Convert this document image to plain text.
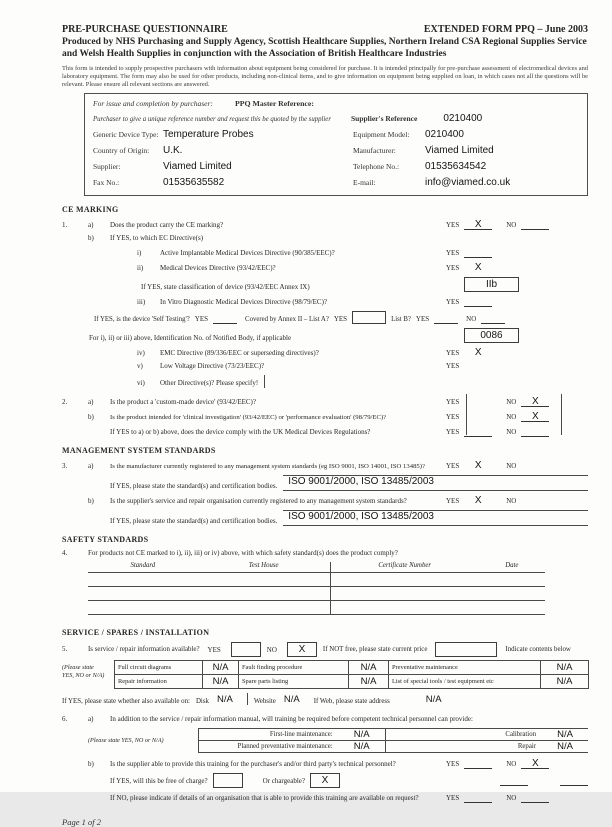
PRE-PURCHASE QUESTIONNAIRE	EXTENDED FORM PPQ – June 2003
Produced by NHS Purchasing and Supply Agency, Scottish Healthcare Supplies, Northern Ireland CSA Regional Supplies Service and Welsh Health Supplies in conjunction with the Association of British Healthcare Industries

This form is intended to supply prospective purchasers with information about equipment being considered for purchase. It is intended principally for pre-purchase assessment of electromedical devices and laboratory equipment. The form may also be used for other products, including non-clinical items, and to give information on equipment being supplied on loan, in which cases not all the questions will be relevant. Please ensure all relevant sections are answered.

For issue and completion by purchaser:	PPQ Master Reference:
Purchaser to give a unique reference number and request this be quoted by the supplier	Supplier's Reference	0210400
Generic Device Type: Temperature Probes	Equipment Model:	0210400
Country of Origin:	U.K.	Manufacturer:	Viamed Limited
Supplier:	Viamed Limited	Telephone No.:	01535634542
Fax No.:	01535635582	E-mail:	info@viamed.co.uk
CE MARKING
1.	a)	Does the product carry the CE marking?	YES	X	NO
b)	If YES, to which EC Directive(s)
i)	Active Implantable Medical Devices Directive (90/385/EEC)?	YES
ii)	Medical Devices Directive (93/42/EEC)?	YES	X
If YES, state classification of device (93/42/EEC Annex IX)	IIb
iii)	In Vitro Diagnostic Medical Devices Directive (98/79/EC)?	YES
If YES, is the device 'Self Testing'? YES	Covered by Annex II – List A? YES	List B? YES	NO
For i), ii) or iii) above, Identification No. of Notified Body, if applicable	0086
iv)	EMC Directive (89/336/EEC or superseding directives)?	YES	X
v)	Low Voltage Directive (73/23/EEC)?	YES
vi)	Other Directive(s)? Please specify!
2.	a)	Is the product a 'custom-made device' (93/42/EEC)?	YES	NO	X
b)	Is the product intended for 'clinical investigation' (93/42/EEC) or 'performance evaluation' (98/79/EC)?	YES	NO	X
If YES to a) or b) above, does the device comply with the UK Medical Devices Regulations?	YES	NO
MANAGEMENT SYSTEM STANDARDS
3.	a)	Is the manufacturer currently registered to any management system standards (eg ISO 9001, ISO 14001, ISO 13485)?	YES	X	NO
If YES, please state the standard(s) and certification bodies.	ISO 9001/2000, ISO 13485/2003
b)	Is the supplier's service and repair organisation currently registered to any management system standards?	YES	X	NO
If YES, please state the standard(s) and certification bodies.	ISO 9001/2000, ISO 13485/2003
SAFETY STANDARDS
4.	For products not CE marked to i), ii), iii) or iv) above, with which safety standard(s) does the product comply?
Standard	Test House	Certificate Number	Date

SERVICE / SPARES / INSTALLATION
5.	Is service / repair information available? YES	NO	X	If NOT free, please state current price	Indicate contents below
(Please state
YES, NO or N/A)
Full circuit diagrams	N/A	Fault finding procedure	N/A	Preventative maintenance	N/A
Repair information	N/A	Spare parts listing	N/A	List of special tools / test equipment etc	N/A
If YES, please state whether also available on: Disk N/A	Website N/A If Web, please state address	N/A
6.	a)	In addition to the service / repair information manual, will training be required before competent technical personnel can provide:
(Please state YES, NO or N/A)
First-line maintenance:	N/A	Calibration	N/A
Planned preventative maintenance:	N/A	Repair	N/A
b)	Is the supplier able to provide this training for the purchaser's and/or third party's technical personnel?	YES	NO	X
If YES, will this be free of charge?	Or chargeable?	X
If NO, please indicate if details of an organisation that is able to provide this training are available on request?	YES	NO
Page 1 of 2
